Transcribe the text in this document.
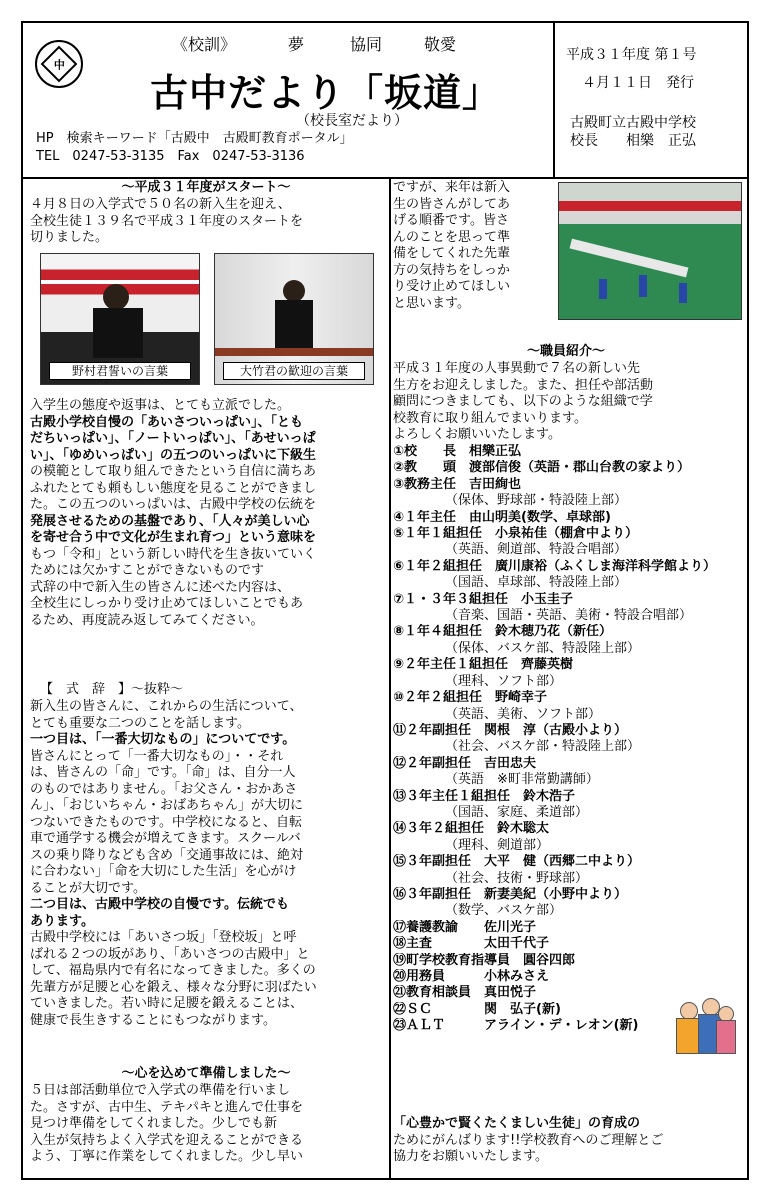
中
《校訓》	夢	協同	敬愛
古中だより「坂道」
（校長室だより）
HP　検索キーワード「古殿中　古殿町教育ポータル」
TEL　0247-53-3135　Fax　0247-53-3136
平成３１年度 第１号
４月１１日　発行
古殿町立古殿中学校
校長　　相樂　正弘
～平成３１年度がスタート～

４月８日の入学式で５０名の新入生を迎え、

全校生徒１３９名で平成３１年度のスタートを

切りました。

野村君誓いの言葉	大竹君の歓迎の言葉

入学生の態度や返事は、とても立派でした。

古殿小学校自慢の「あいさついっぱい」、「とも

だちいっぱい」、「ノートいっぱい」、「あせいっぱ

い」、「ゆめいっぱい」の五つのいっぱいに下級生

の模範として取り組んできたという自信に満ちあ

ふれたとても頼もしい態度を見ることができまし

た。この五つのいっぱいは、古殿中学校の伝統を

発展させるための基盤であり、「人々が美しい心

を寄せ合う中で文化が生まれ育つ」という意味を

もつ「令和」という新しい時代を生き抜いていく

ためには欠かすことができないものです

式辞の中で新入生の皆さんに述べた内容は、

全校生にしっかり受け止めてほしいことでもあ

るため、再度読み返してみてください。

【　式　辞　】～抜粋～

新入生の皆さんに、これからの生活について、

とても重要な二つのことを話します。

一つ目は、「一番大切なもの」についてです。

皆さんにとって「一番大切なもの」・・それ

は、皆さんの「命」です。「命」は、自分一人

のものではありません。「お父さん・おかあさ

ん」、「おじいちゃん・おばあちゃん」が大切に

つないできたものです。中学校になると、自転

車で通学する機会が増えてきます。スクールバ

スの乗り降りなども含め「交通事故には、絶対

に合わない」「命を大切にした生活」を心がけ

ることが大切です。

二つ目は、古殿中学校の自慢です。伝統でも

あります。

古殿中学校には「あいさつ坂」「登校坂」と呼

ばれる２つの坂があり、「あいさつの古殿中」と

して、福島県内で有名になってきました。多くの

先輩方が足腰と心を鍛え、様々な分野に羽ばたい

ていきました。若い時に足腰を鍛えることは、

健康で長生きすることにもつながります。

～心を込めて準備しました～

５日は部活動単位で入学式の準備を行いまし

た。さすが、古中生、テキパキと進んで仕事を

見つけ準備をしてくれました。少しでも新

入生が気持ちよく入学式を迎えることができる

よう、丁寧に作業をしてくれました。少し早い

ですが、来年は新入

生の皆さんがしてあ

げる順番です。皆さ

んのことを思って準

備をしてくれた先輩

方の気持ちをしっか

り受け止めてほしい

と思います。

～職員紹介～

平成３１年度の人事異動で７名の新しい先

生方をお迎えしました。また、担任や部活動

顧問につきましても、以下のような組織で学

校教育に取り組んでまいります。

よろしくお願いいたします。

①校　　長　相樂正弘
②教　　頭　渡部信俊（英語・郡山台教の家より）
③教務主任　吉田絢也
（保体、野球部・特設陸上部）
④１年主任　由山明美(数学、卓球部)
⑤１年１組担任　小泉祐佳（棚倉中より）
（英語、剣道部、特設合唱部）
⑥１年２組担任　廣川康裕（ふくしま海洋科学館より）
（国語、卓球部、特設陸上部）
⑦１・３年３組担任　小玉圭子
（音楽、国語・英語、美術・特設合唱部）
⑧１年４組担任　鈴木穂乃花（新任）
（保体、バスケ部、特設陸上部）
⑨２年主任１組担任　齊藤英樹
（理科、ソフト部）
⑩２年２組担任　野崎幸子
（英語、美術、ソフト部）
⑪２年副担任　関根　淳（古殿小より）
（社会、バスケ部・特設陸上部）
⑫２年副担任　吉田忠夫
（英語　※町非常勤講師）
⑬３年主任１組担任　鈴木浩子
（国語、家庭、柔道部）
⑭３年２組担任　鈴木聡太
（理科、剣道部）
⑮３年副担任　大平　健（西郷二中より）
（社会、技術・野球部）
⑯３年副担任　新妻美紀（小野中より）
（数学、バスケ部）
⑰養護教諭　　佐川光子
⑱主査　　　　太田千代子
⑲町学校教育指導員　圓谷四郎
⑳用務員　　　小林みさえ
㉑教育相談員　真田悦子
㉒ＳＣ　　　　関　弘子(新)
㉓ＡＬＴ　　　アライン・デ・レオン(新)

「心豊かで賢くたくましい生徒」の育成の

ためにがんばります!!学校教育へのご理解とご

協力をお願いいたします。
